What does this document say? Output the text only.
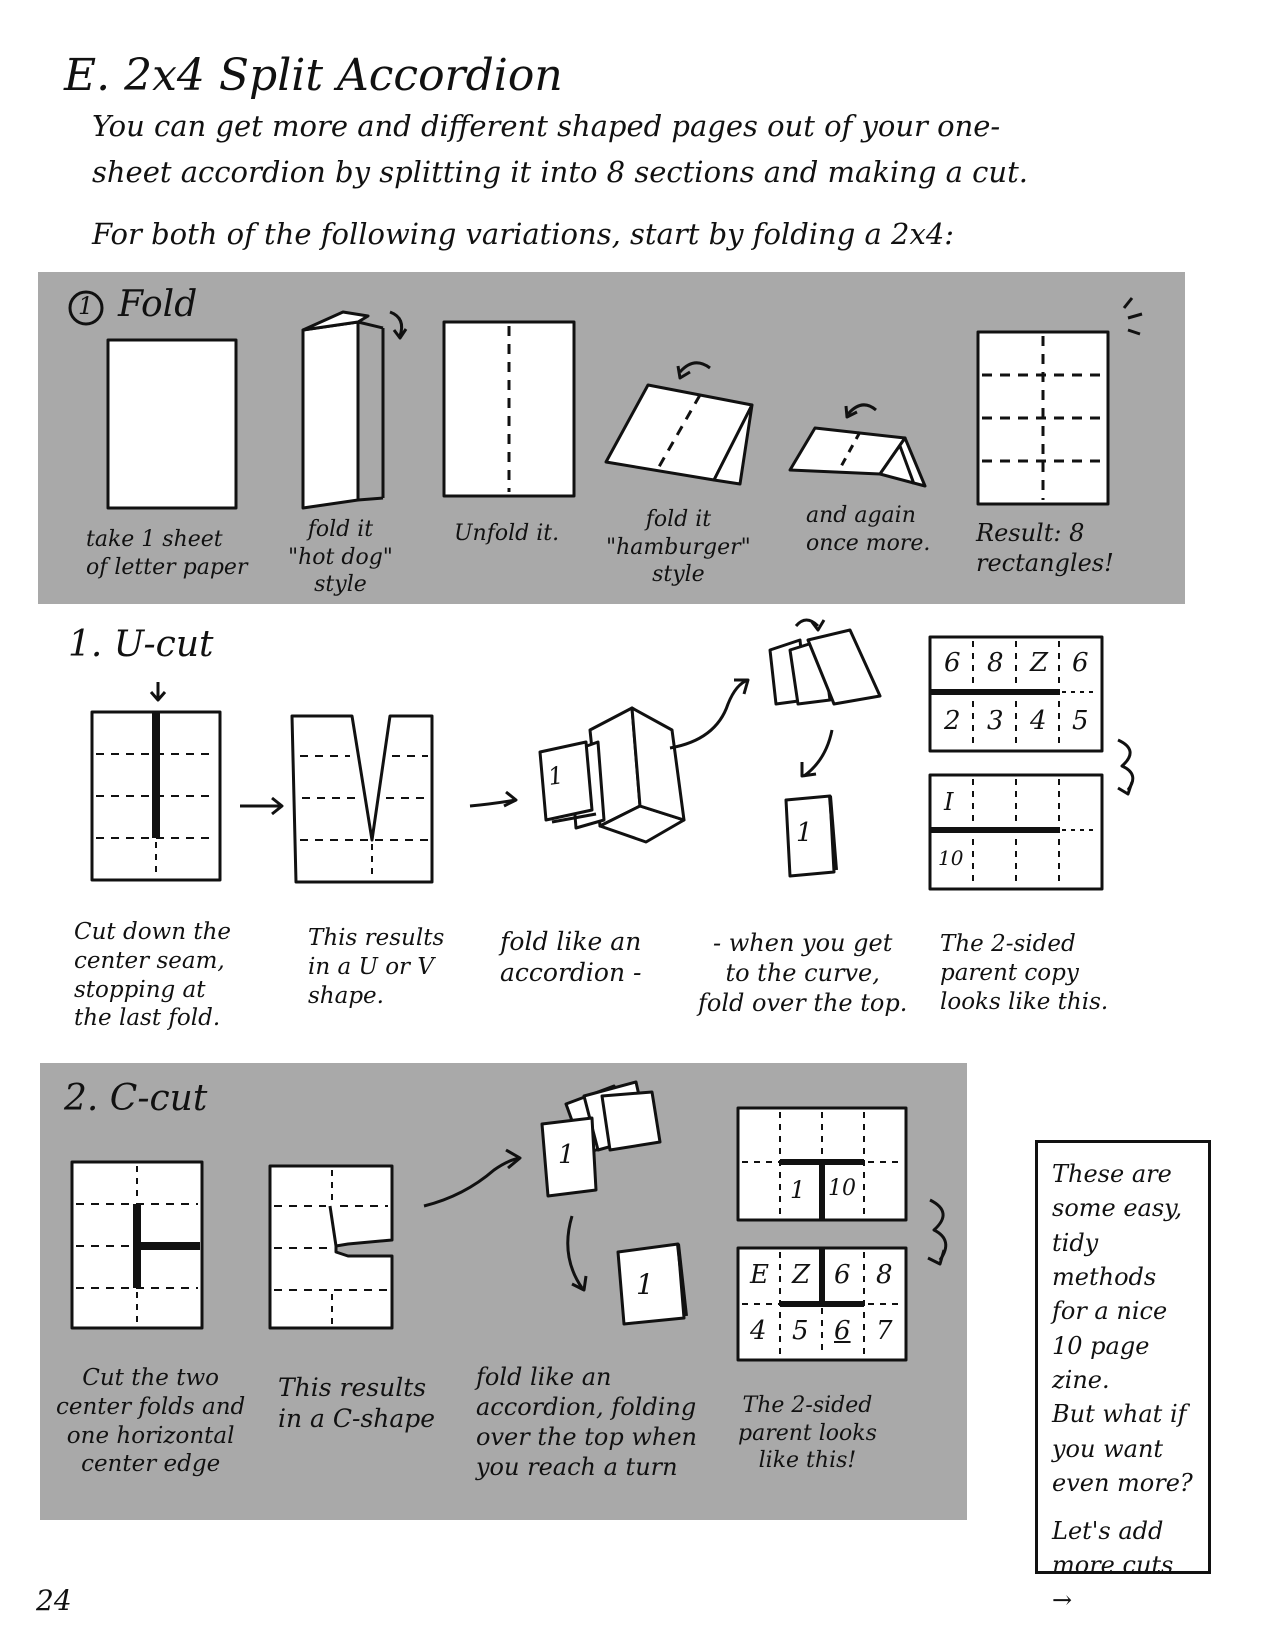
E. 2x4 Split Accordion
You can get more and different shaped pages out of your one-
sheet accordion by splitting it into 8 sections and making a cut.
For both of the following variations, start by folding a 2x4:
1 Fold
take 1 sheet
of letter paper
fold it
"hot dog"
style
Unfold it.
fold it
"hamburger"
style
and again
once more. Result: 8
rectangles!
1. U-cut
1
1
6 8 Z 6
2 3 4 5
I
10
Cut down the
center seam,
stopping at
the last fold.
This results
in a U or V
shape.
fold like an
accordion -
- when you get
to the curve,
fold over the top.
The 2-sided
parent copy
looks like this.
2. C-cut
1
1
1 10
E Z 6 8
4 5 6 7
Cut the two
center folds and
one horizontal
center edge
This results
in a C-shape
fold like an
accordion, folding
over the top when
you reach a turn
The 2-sided
parent looks
like this!
These are
some easy,
tidy methods
for a nice
10 page zine.
But what if
you want
even more?
Let's add
more cuts →
24
